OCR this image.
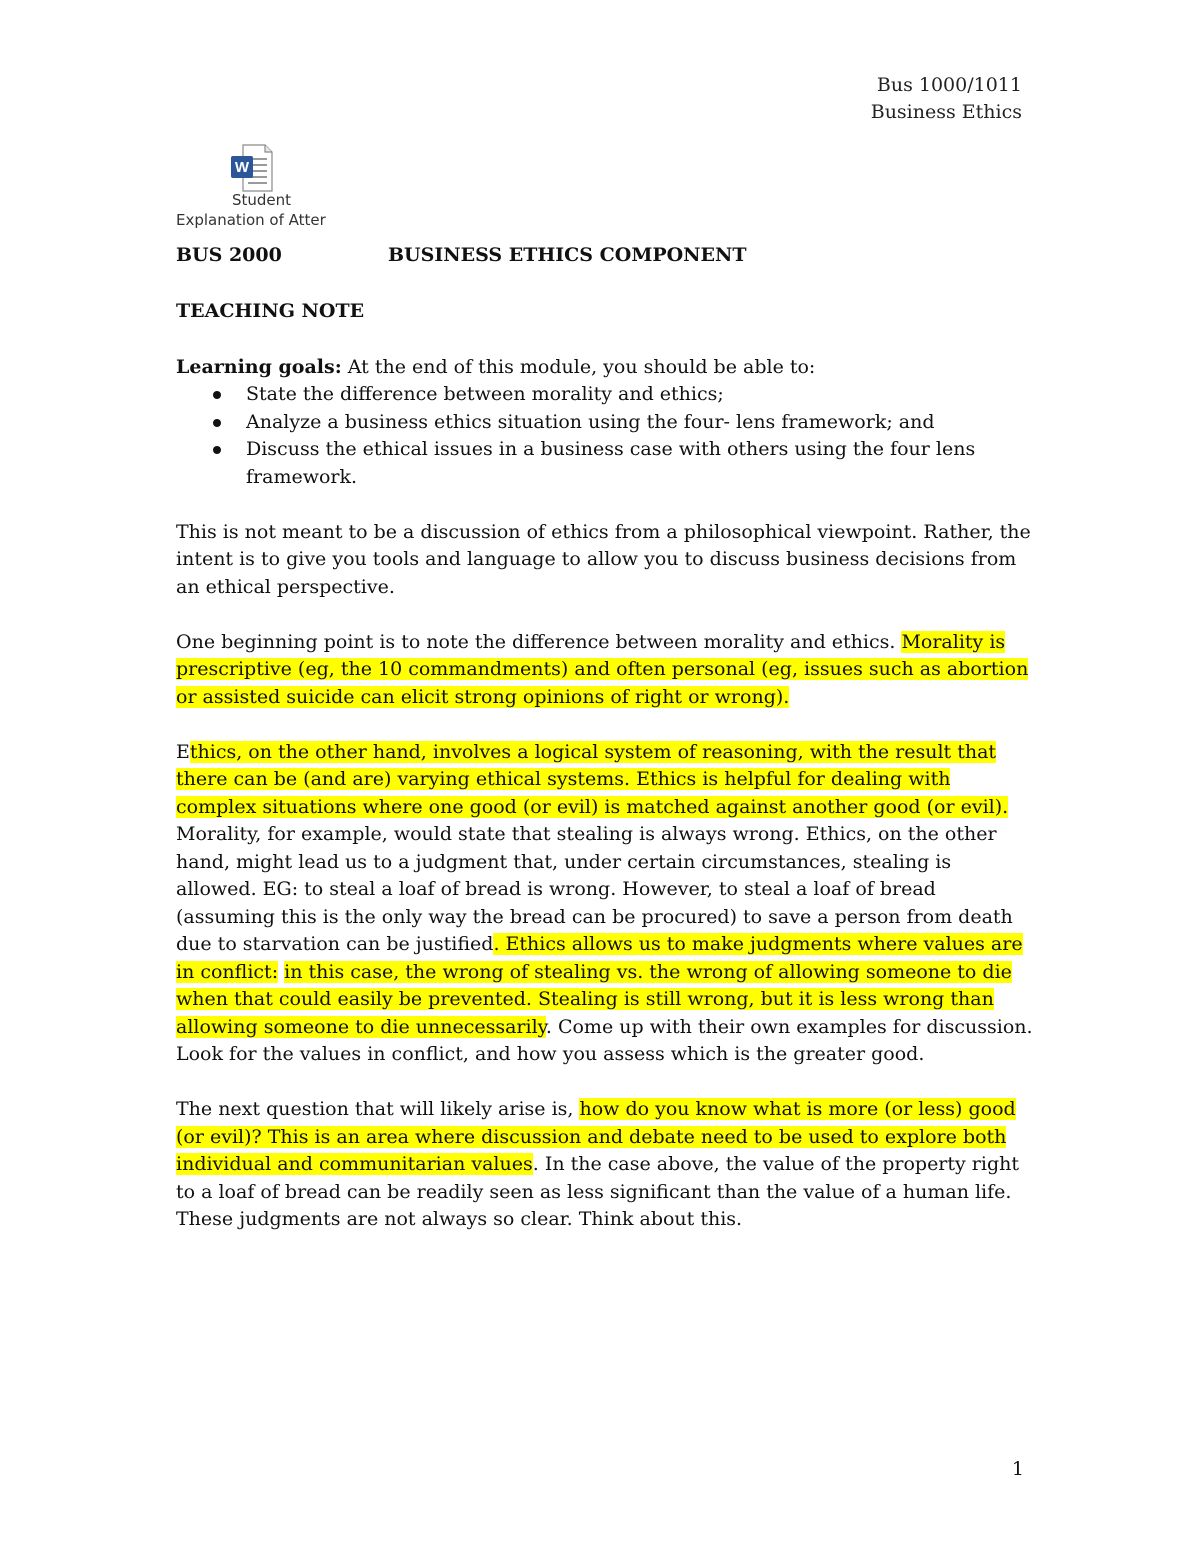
Bus 1000/1011
Business Ethics
W
Student
Explanation of Atter
BUS 2000	BUSINESS ETHICS COMPONENT
TEACHING NOTE
Learning goals: At the end of this module, you should be able to:
State the difference between morality and ethics;
Analyze a business ethics situation using the four- lens framework; and
Discuss the ethical issues in a business case with others using the four lens framework.

This is not meant to be a discussion of ethics from a philosophical viewpoint. Rather, the intent is to give you tools and language to allow you to discuss business decisions from an ethical perspective.

One beginning point is to note the difference between morality and ethics. Morality is prescriptive (eg, the 10 commandments) and often personal (eg, issues such as abortion or assisted suicide can elicit strong opinions of right or wrong).

Ethics, on the other hand, involves a logical system of reasoning, with the result that there can be (and are) varying ethical systems. Ethics is helpful for dealing with complex situations where one good (or evil) is matched against another good (or evil). Morality, for example, would state that stealing is always wrong. Ethics, on the other hand, might lead us to a judgment that, under certain circumstances, stealing is allowed. EG: to steal a loaf of bread is wrong. However, to steal a loaf of bread (assuming this is the only way the bread can be procured) to save a person from death due to starvation can be justified. Ethics allows us to make judgments where values are in conflict: in this case, the wrong of stealing vs. the wrong of allowing someone to die when that could easily be prevented. Stealing is still wrong, but it is less wrong than allowing someone to die unnecessarily. Come up with their own examples for discussion. Look for the values in conflict, and how you assess which is the greater good.

The next question that will likely arise is, how do you know what is more (or less) good (or evil)? This is an area where discussion and debate need to be used to explore both individual and communitarian values. In the case above, the value of the property right to a loaf of bread can be readily seen as less significant than the value of a human life. These judgments are not always so clear. Think about this.

1
